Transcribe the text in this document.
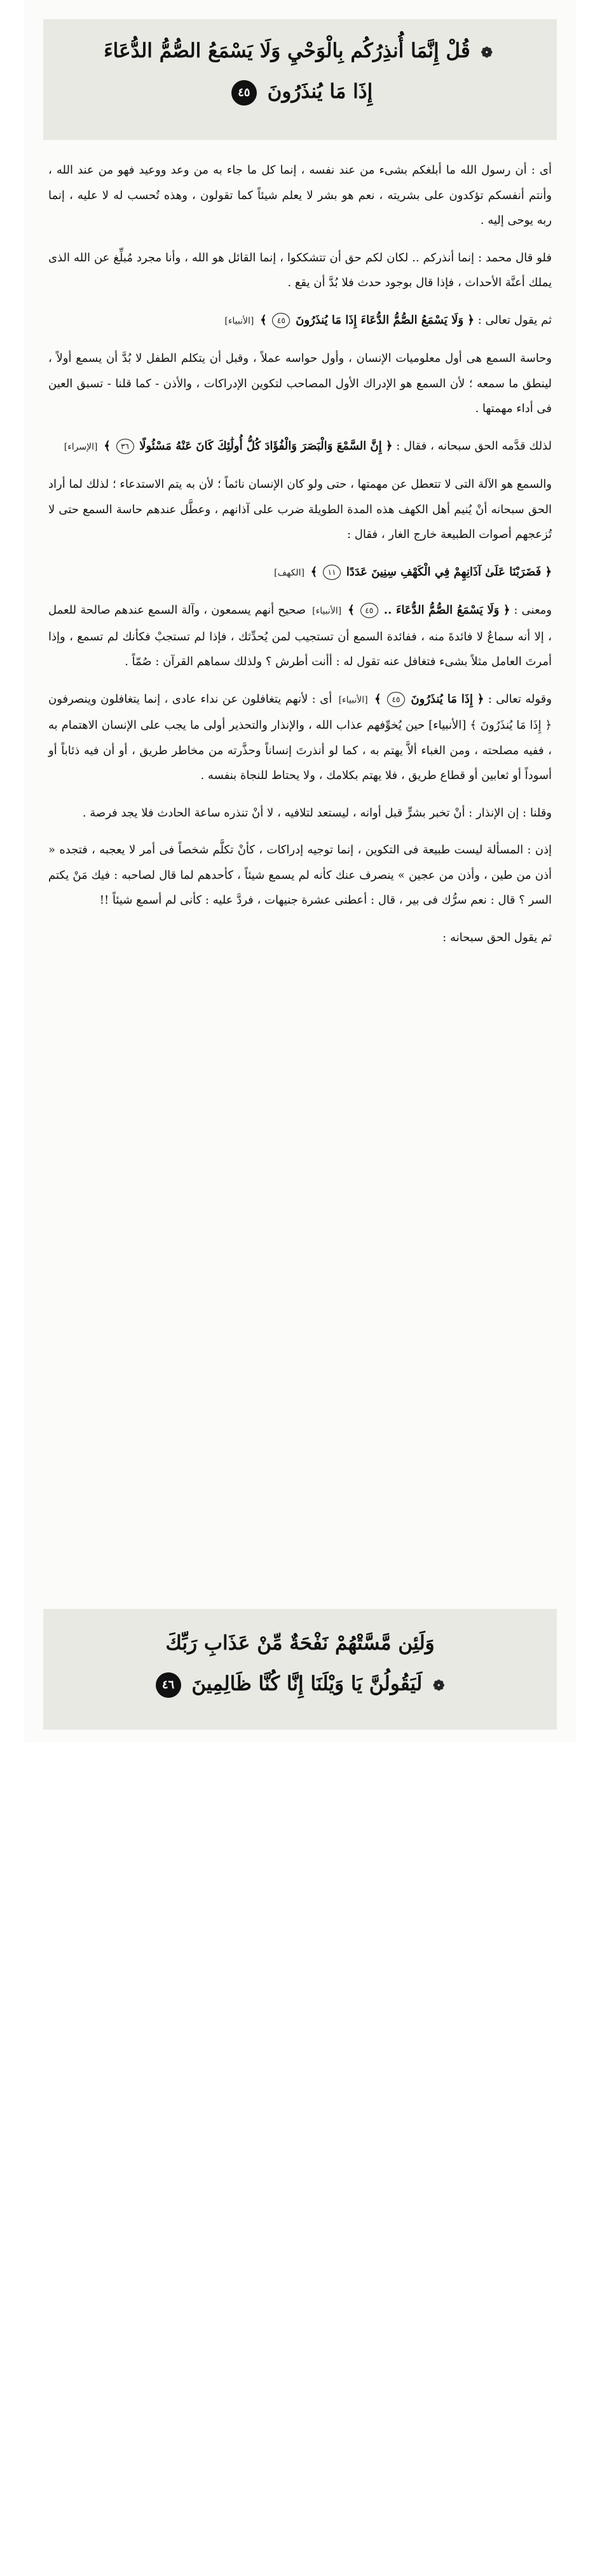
❁ قُلْ إِنَّمَا أُنذِرُكُم بِالْوَحْيِ وَلَا يَسْمَعُ الصُّمُّ الدُّعَاءَ
إِذَا مَا يُنذَرُونَ ٤٥

أى : أن رسول الله ما أبلغكم بشىء من عند نفسه ، إنما كل ما جاء به من وعد ووعيد فهو من عند الله ، وأنتم أنفسكم تؤكدون على بشريته ، نعم هو بشر لا يعلم شيئاً كما تقولون ، وهذه تُحسب له لا عليه ، إنما ربه يوحى إليه .

فلو قال محمد : إنما أنذركم .. لكان لكم حق أن تتشككوا ، إنما القائل هو الله ، وأنا مجرد مُبلِّغ عن الله الذى يملك أعنَّة الأحداث ، فإذا قال بوجود حدث فلا بُدَّ أن يقع .

ثم يقول تعالى : ﴿ وَلَا يَسْمَعُ الصُّمُّ الدُّعَاءَ إِذَا مَا يُنذَرُونَ ٤٥ ﴾ [الأنبياء]

وحاسة السمع هى أول معلوميات الإنسان ، وأول حواسه عملاً ، وقبل أن يتكلم الطفل لا بُدَّ أن يسمع أولاً ، لينطق ما سمعه ؛ لأن السمع هو الإدراك الأول المصاحب لتكوين الإدراكات ، والأذن - كما قلنا - تسبق العين فى أداء مهمتها .

لذلك قدَّمه الحق سبحانه ، فقال : ﴿ إِنَّ السَّمْعَ وَالْبَصَرَ وَالْفُؤَادَ كُلُّ أُولَٰئِكَ كَانَ عَنْهُ مَسْئُولًا ٣٦ ﴾ [الإسراء]

والسمع هو الآلة التى لا تتعطل عن مهمتها ، حتى ولو كان الإنسان نائماً ؛ لأن به يتم الاستدعاء ؛ لذلك لما أراد الحق سبحانه أنْ يُنيم أهل الكهف هذه المدة الطويلة ضرب على آذانهم ، وعطَّل عندهم حاسة السمع حتى لا تُزعجهم أصوات الطبيعة خارج الغار ، فقال :

﴿ فَضَرَبْنَا عَلَىٰ آذَانِهِمْ فِي الْكَهْفِ سِنِينَ عَدَدًا ١١ ﴾ [الكهف]

ومعنى : ﴿ وَلَا يَسْمَعُ الصُّمُّ الدُّعَاءَ .. ٤٥ ﴾ [الأنبياء] صحيح أنهم يسمعون ، وآلة السمع عندهم صالحة للعمل ، إلا أنه سماعٌ لا فائدةَ منه ، ففائدة السمع أن تستجيب لمن يُحدِّثك ، فإذا لم تستجبْ فكأنك لم تسمع ، وإذا أمرتَ العامل مثلاً بشىء فتغافل عنه تقول له : أأنت أطرش ؟ ولذلك سماهم القرآن : صُمّاً .

وقوله تعالى : ﴿ إِذَا مَا يُنذَرُونَ ٤٥ ﴾ [الأنبياء] أى : لأنهم يتغافلون عن نداء عادى ، إنما يتغافلون وينصرفون ﴿ إِذَا مَا يُنذَرُونَ ﴾ [الأنبياء] حين يُخوِّفهم عذاب الله ، والإنذار والتحذير أولى ما يجب على الإنسان الاهتمام به ، ففيه مصلحته ، ومن الغباء ألاَّ يهتم به ، كما لو أنذرتَ إنساناً وحذَّرته من مخاطر طريق ، أو أن فيه ذئاباً أو أسوداً أو ثعابين أو قطاع طريق ، فلا يهتم بكلامك ، ولا يحتاط للنجاة بنفسه .

وقلنا : إن الإنذار : أنْ تخبر بشرٍّ قبل أوانه ، ليستعد لتلافيه ، لا أنْ تنذره ساعة الحادث فلا يجد فرصة .

إذن : المسألة ليست طبيعة فى التكوين ، إنما توجيه إدراكات ، كأنْ تكلَّم شخصاً فى أمر لا يعجبه ، فتجده « أذن من طين ، وأذن من عجين » ينصرف عنك كأنه لم يسمع شيئاً ، كأحدهم لما قال لصاحبه : فيك مَنْ يكتم السر ؟ قال : نعم سرُّك فى بير ، قال : أعطنى عشرة جنيهات ، فردَّ عليه : كأنى لم أسمع شيئاً !!

ثم يقول الحق سبحانه :

وَلَئِن مَّسَّتْهُمْ نَفْحَةٌ مِّنْ عَذَابِ رَبِّكَ
❁ لَيَقُولُنَّ يَا وَيْلَنَا إِنَّا كُنَّا ظَالِمِينَ ٤٦
